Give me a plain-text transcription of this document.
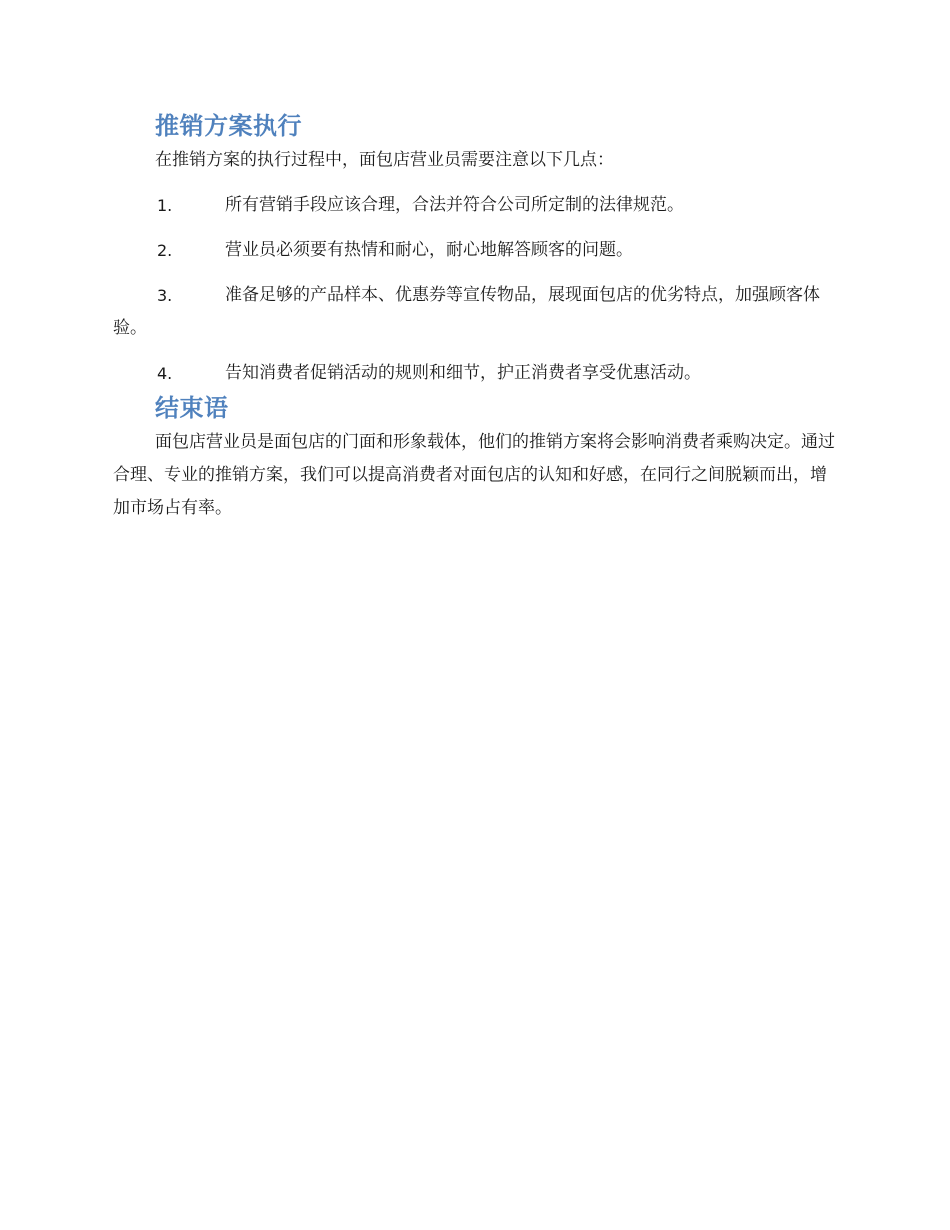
推销方案执行

在推销方案的执行过程中，面包店营业员需要注意以下几点：

1.	所有营销手段应该合理，合法并符合公司所定制的法律规范。
2.	营业员必须要有热情和耐心，耐心地解答顾客的问题。
3.	准备足够的产品样本、优惠券等宣传物品，展现面包店的优劣特点，加强顾客体验。
4.	告知消费者促销活动的规则和细节，护正消费者享受优惠活动。
结束语

面包店营业员是面包店的门面和形象载体，他们的推销方案将会影响消费者乘购决定。通过合理、专业的推销方案，我们可以提高消费者对面包店的认知和好感，在同行之间脱颖而出，增加市场占有率。
